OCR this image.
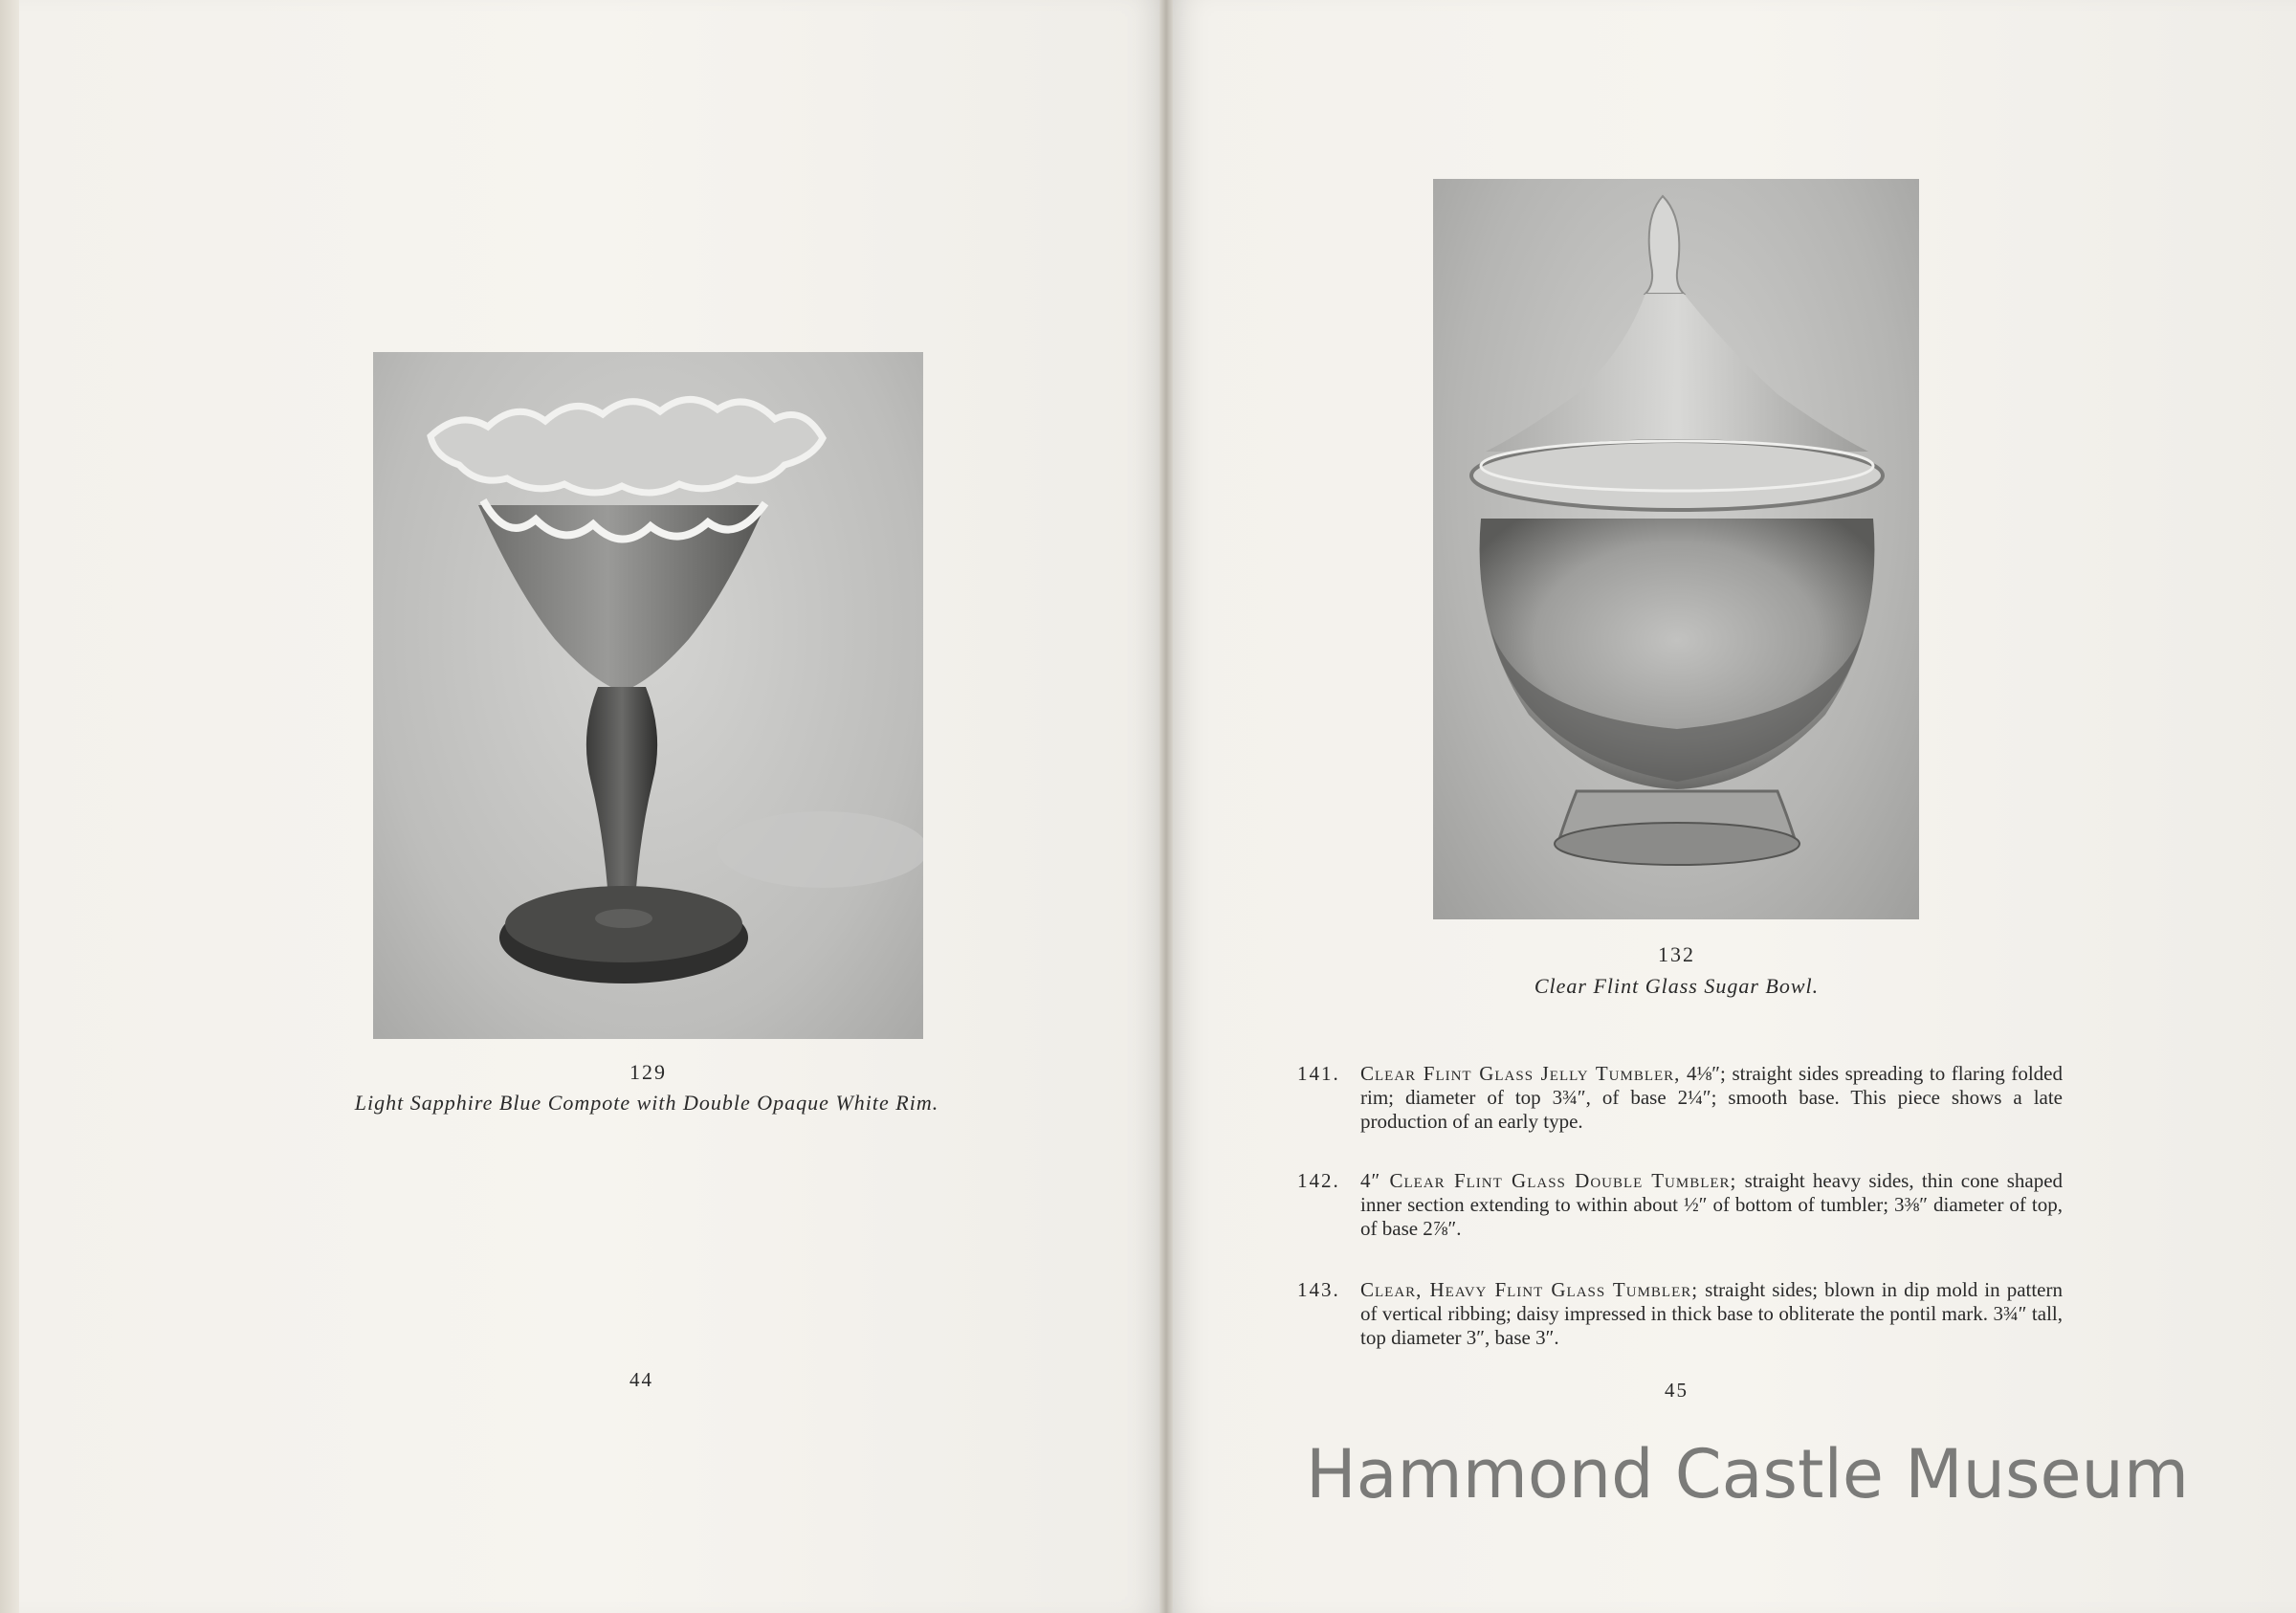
129
Light Sapphire Blue Compote with Double Opaque White Rim.
44
132
Clear Flint Glass Sugar Bowl.
141. Clear Flint Glass Jelly Tumbler, 4⅛″; straight sides spreading to flaring folded rim; diameter of top 3¾″, of base 2¼″; smooth base. This piece shows a late production of an early type.
142. 4″ Clear Flint Glass Double Tumbler; straight heavy sides, thin cone shaped inner section extending to within about ½″ of bottom of tumbler; 3⅜″ diameter of top, of base 2⅞″.
143. Clear, Heavy Flint Glass Tumbler; straight sides; blown in dip mold in pattern of vertical ribbing; daisy impressed in thick base to obliterate the pontil mark. 3¾″ tall, top diameter 3″, base 3″.
45
Hammond Castle Museum
